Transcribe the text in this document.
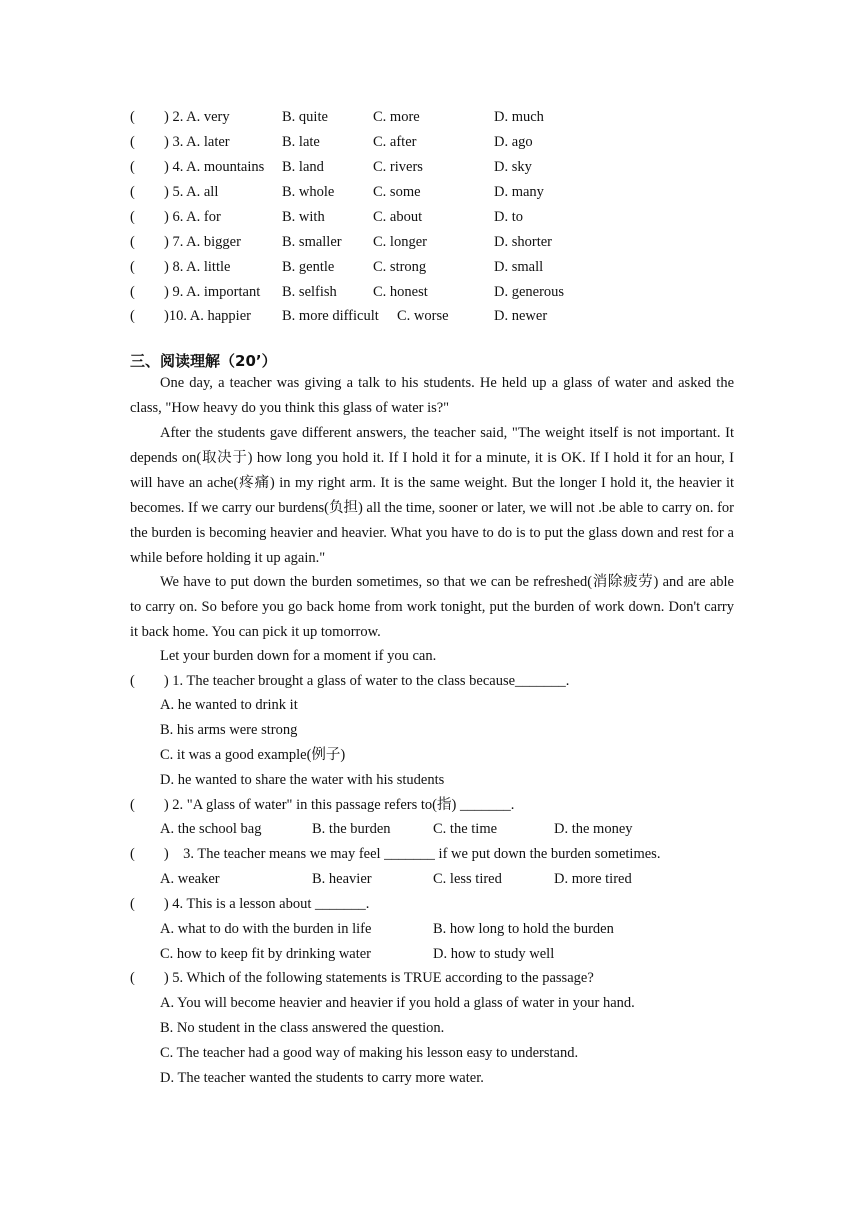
( ) 2. A. very	B. quite	C. more	D. much
( ) 3. A. later	B. late	C. after	D. ago
( ) 4. A. mountains B. land	C. rivers	D. sky
( ) 5. A. all	B. whole	C. some	D. many
( ) 6. A. for	B. with	C. about	D. to
( ) 7. A. bigger	B. smaller C. longer	D. shorter
( ) 8. A. little	B. gentle	C. strong	D. small
( ) 9. A. important B. selfish C. honest	D. generous
( )10. A. happier B. more difficult C. worse	D. newer
三、阅读理解（20’）

One day, a teacher was giving a talk to his students. He held up a glass of water and asked the class, "How heavy do you think this glass of water is?"

After the students gave different answers, the teacher said, "The weight itself is not important. It depends on(取决于) how long you hold it. If I hold it for a minute, it is OK. If I hold it for an hour, I will have an ache(疼痛) in my right arm. It is the same weight. But the longer I hold it, the heavier it becomes. If we carry our burdens(负担) all the time, sooner or later, we will not .be able to carry on. for the burden is becoming heavier and heavier. What you have to do is to put the glass down and rest for a while before holding it up again."

We have to put down the burden sometimes, so that we can be refreshed(消除疲劳) and are able to carry on. So before you go back home from work tonight, put the burden of work down. Don't carry it back home. You can pick it up tomorrow.

Let your burden down for a moment if you can.

(　　) 1. The teacher brought a glass of water to the class because_______.
A. he wanted to drink it
B. his arms were strong
C. it was a good example(例子)
D. he wanted to share the water with his students
(　　) 2. "A glass of water" in this passage refers to(指) _______.
A. the school bag	B. the burden	C. the time	D. the money
(　　)　3. The teacher means we may feel _______ if we put down the burden sometimes.
A. weaker	B. heavier	C. less tired	D. more tired
(　　) 4. This is a lesson about _______.
A. what to do with the burden in life	B. how long to hold the burden
C. how to keep fit by drinking water	D. how to study well
(　　) 5. Which of the following statements is TRUE according to the passage?
A. You will become heavier and heavier if you hold a glass of water in your hand.
B. No student in the class answered the question.
C. The teacher had a good way of making his lesson easy to understand.
D. The teacher wanted the students to carry more water.
